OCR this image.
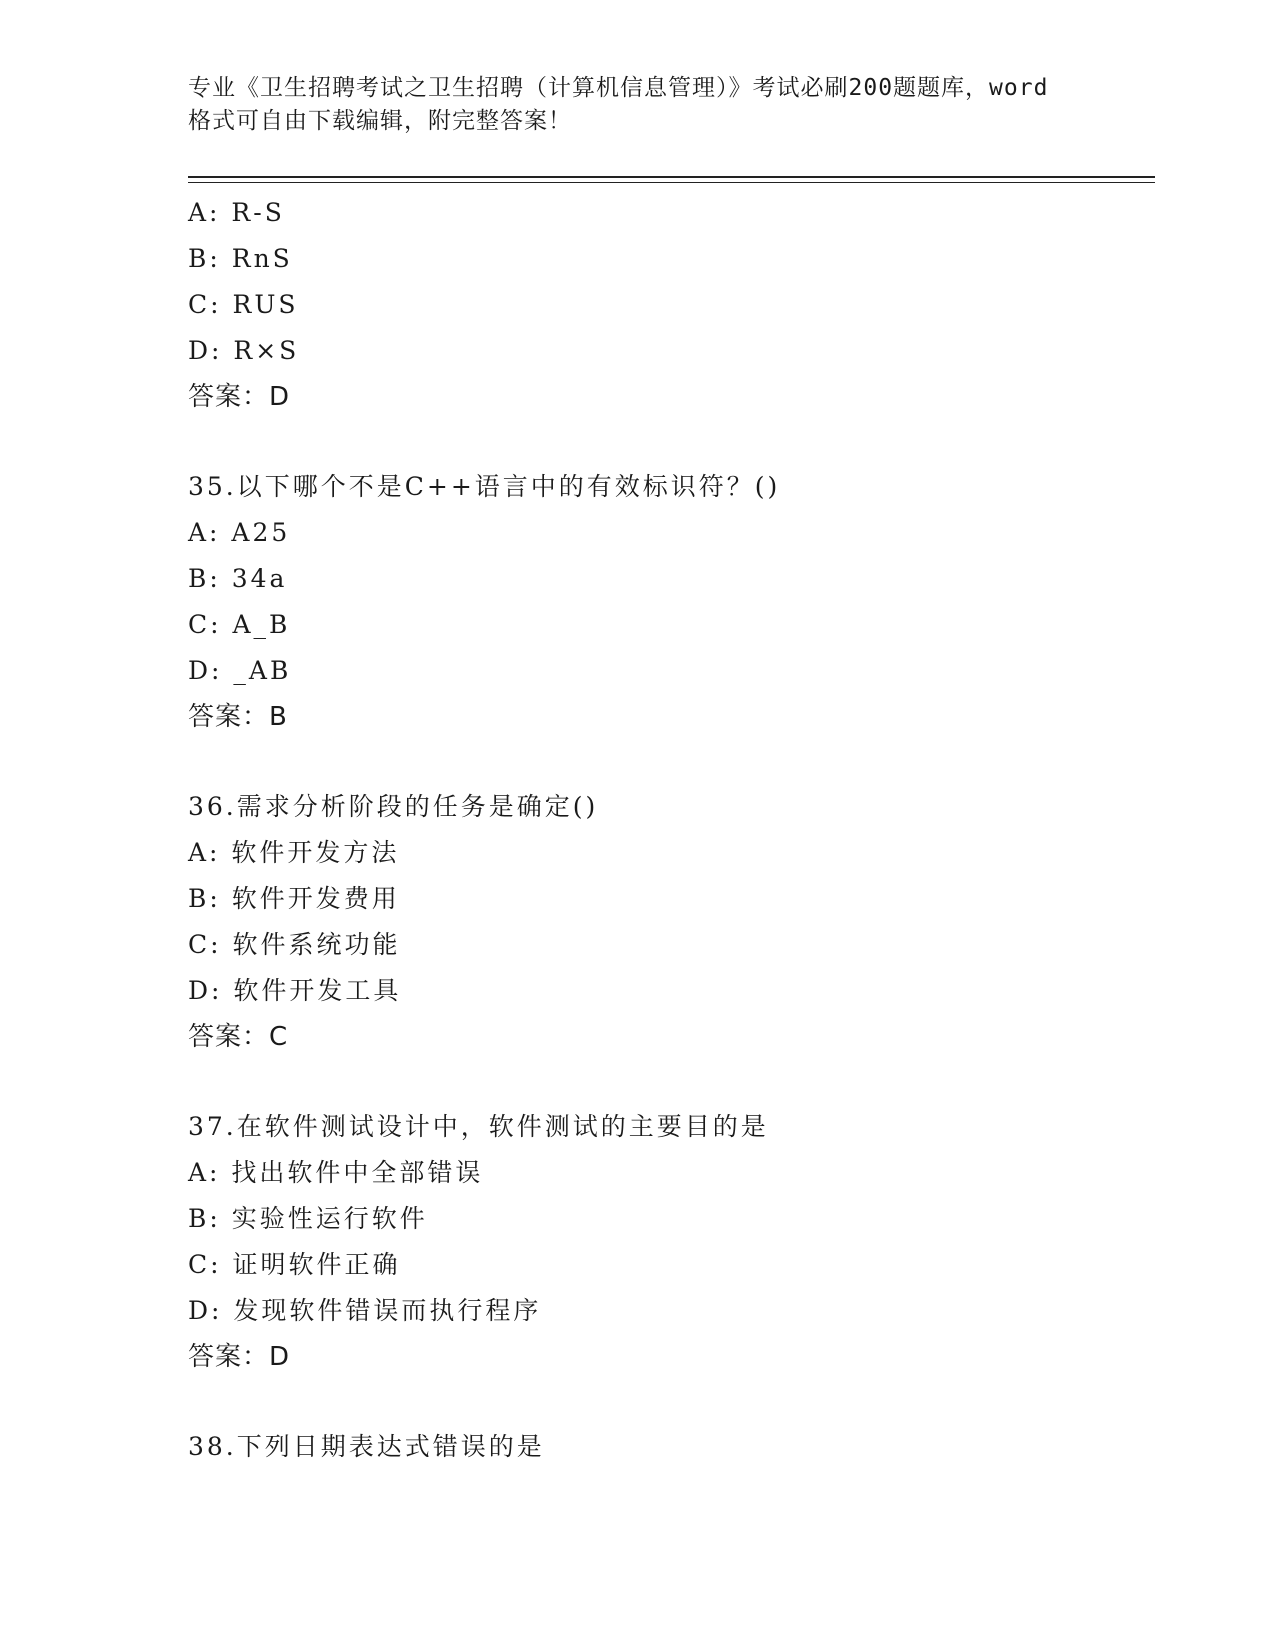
专业《卫生招聘考试之卫生招聘（计算机信息管理）》考试必刷200题题库，word
格式可自由下载编辑，附完整答案！
A: R-S
B: RnS
C: RUS
D: R×S
答案：D
35.以下哪个不是C++语言中的有效标识符？()
A: A25
B: 34a
C: A_B
D: _AB
答案：B
36.需求分析阶段的任务是确定()
A: 软件开发方法
B: 软件开发费用
C: 软件系统功能
D: 软件开发工具
答案：C
37.在软件测试设计中，软件测试的主要目的是
A: 找出软件中全部错误
B: 实验性运行软件
C: 证明软件正确
D: 发现软件错误而执行程序
答案：D
38.下列日期表达式错误的是
